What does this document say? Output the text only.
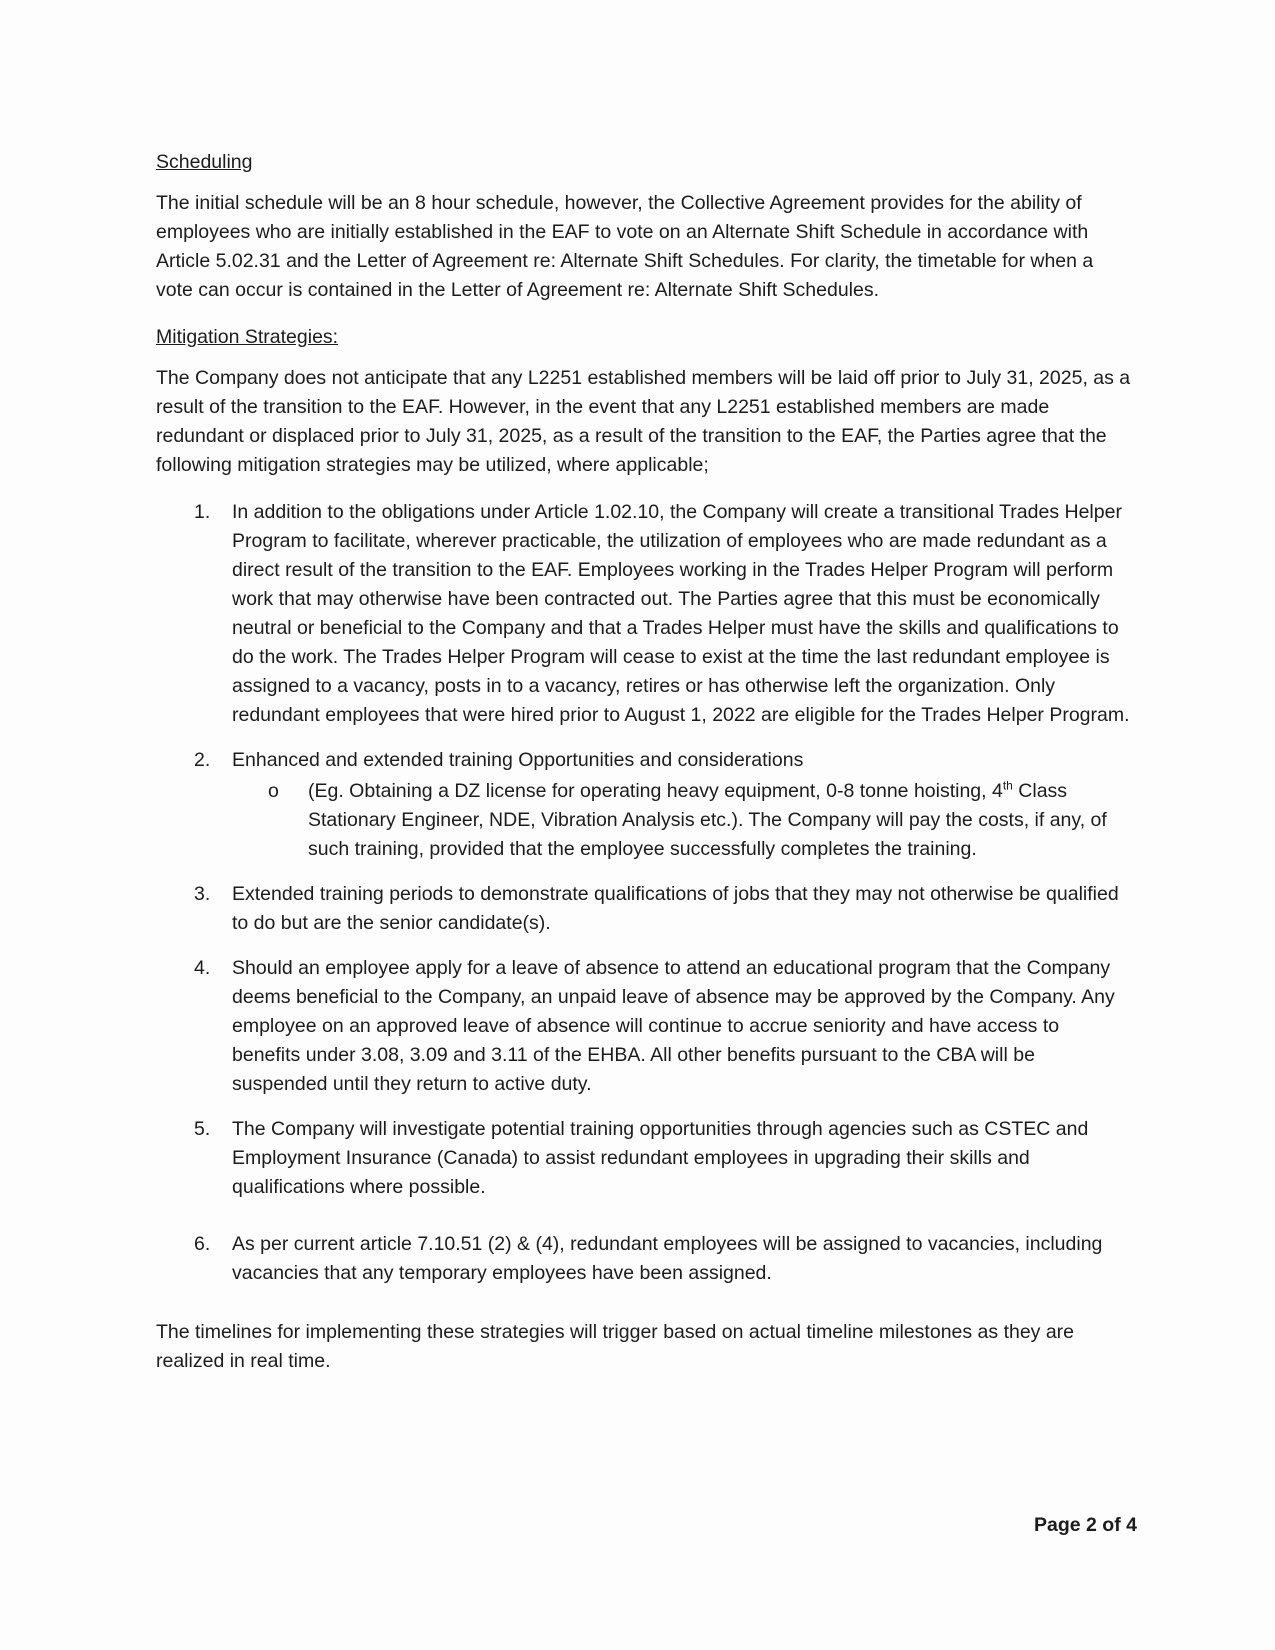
Scheduling

The initial schedule will be an 8 hour schedule, however, the Collective Agreement provides for the ability of employees who are initially established in the EAF to vote on an Alternate Shift Schedule in accordance with Article 5.02.31 and the Letter of Agreement re: Alternate Shift Schedules. For clarity, the timetable for when a vote can occur is contained in the Letter of Agreement re: Alternate Shift Schedules.

Mitigation Strategies:

The Company does not anticipate that any L2251 established members will be laid off prior to July 31, 2025, as a result of the transition to the EAF. However, in the event that any L2251 established members are made redundant or displaced prior to July 31, 2025, as a result of the transition to the EAF, the Parties agree that the following mitigation strategies may be utilized, where applicable;

1. In addition to the obligations under Article 1.02.10, the Company will create a transitional Trades Helper Program to facilitate, wherever practicable, the utilization of employees who are made redundant as a direct result of the transition to the EAF. Employees working in the Trades Helper Program will perform work that may otherwise have been contracted out. The Parties agree that this must be economically neutral or beneficial to the Company and that a Trades Helper must have the skills and qualifications to do the work. The Trades Helper Program will cease to exist at the time the last redundant employee is assigned to a vacancy, posts in to a vacancy, retires or has otherwise left the organization. Only redundant employees that were hired prior to August 1, 2022 are eligible for the Trades Helper Program.
2. Enhanced and extended training Opportunities and considerations
o (Eg. Obtaining a DZ license for operating heavy equipment, 0-8 tonne hoisting, 4th Class Stationary Engineer, NDE, Vibration Analysis etc.). The Company will pay the costs, if any, of such training, provided that the employee successfully completes the training.
3. Extended training periods to demonstrate qualifications of jobs that they may not otherwise be qualified to do but are the senior candidate(s).
4. Should an employee apply for a leave of absence to attend an educational program that the Company deems beneficial to the Company, an unpaid leave of absence may be approved by the Company. Any employee on an approved leave of absence will continue to accrue seniority and have access to benefits under 3.08, 3.09 and 3.11 of the EHBA. All other benefits pursuant to the CBA will be suspended until they return to active duty.
5. The Company will investigate potential training opportunities through agencies such as CSTEC and Employment Insurance (Canada) to assist redundant employees in upgrading their skills and qualifications where possible.
6. As per current article 7.10.51 (2) & (4), redundant employees will be assigned to vacancies, including vacancies that any temporary employees have been assigned.

The timelines for implementing these strategies will trigger based on actual timeline milestones as they are realized in real time.

Page 2 of 4
